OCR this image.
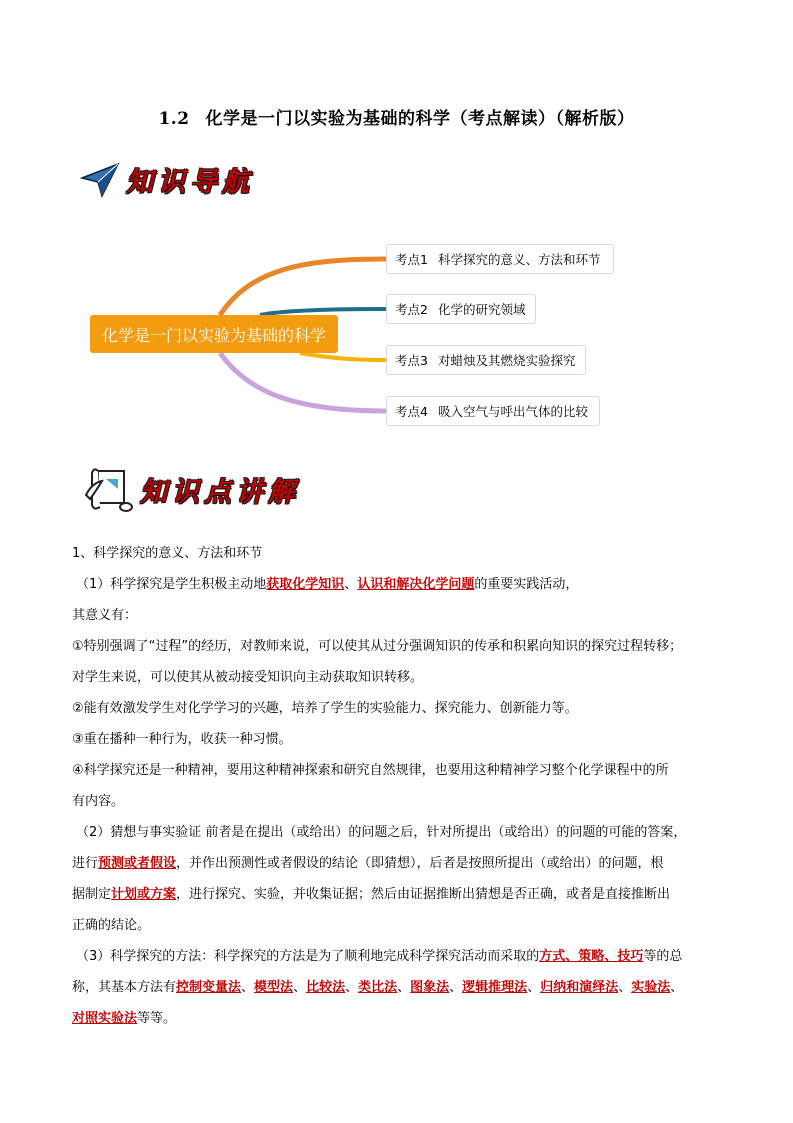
1.2 化学是一门以实验为基础的科学（考点解读）（解析版）
知识导航
化学是一门以实验为基础的科学
考点1 科学探究的意义、方法和环节
考点2 化学的研究领域
考点3 对蜡烛及其燃烧实验探究
考点4 吸入空气与呼出气体的比较
知识点讲解

1、科学探究的意义、方法和环节

（1）科学探究是学生积极主动地获取化学知识、认识和解决化学问题的重要实践活动，

其意义有：

①特别强调了“过程”的经历，对教师来说，可以使其从过分强调知识的传承和积累向知识的探究过程转移；

对学生来说，可以使其从被动接受知识向主动获取知识转移。

②能有效激发学生对化学学习的兴趣，培养了学生的实验能力、探究能力、创新能力等。

③重在播种一种行为，收获一种习惯。

④科学探究还是一种精神，要用这种精神探索和研究自然规律，也要用这种精神学习整个化学课程中的所

有内容。

（2）猜想与事实验证 前者是在提出（或给出）的问题之后，针对所提出（或给出）的问题的可能的答案，

进行预测或者假设，并作出预测性或者假设的结论（即猜想），后者是按照所提出（或给出）的问题，根

据制定计划或方案，进行探究、实验，并收集证据；然后由证据推断出猜想是否正确，或者是直接推断出

正确的结论。

（3）科学探究的方法：科学探究的方法是为了顺利地完成科学探究活动而采取的方式、策略、技巧等的总

称，其基本方法有控制变量法、模型法、比较法、类比法、图象法、逻辑推理法、归纳和演绎法、实验法、

对照实验法等等。
